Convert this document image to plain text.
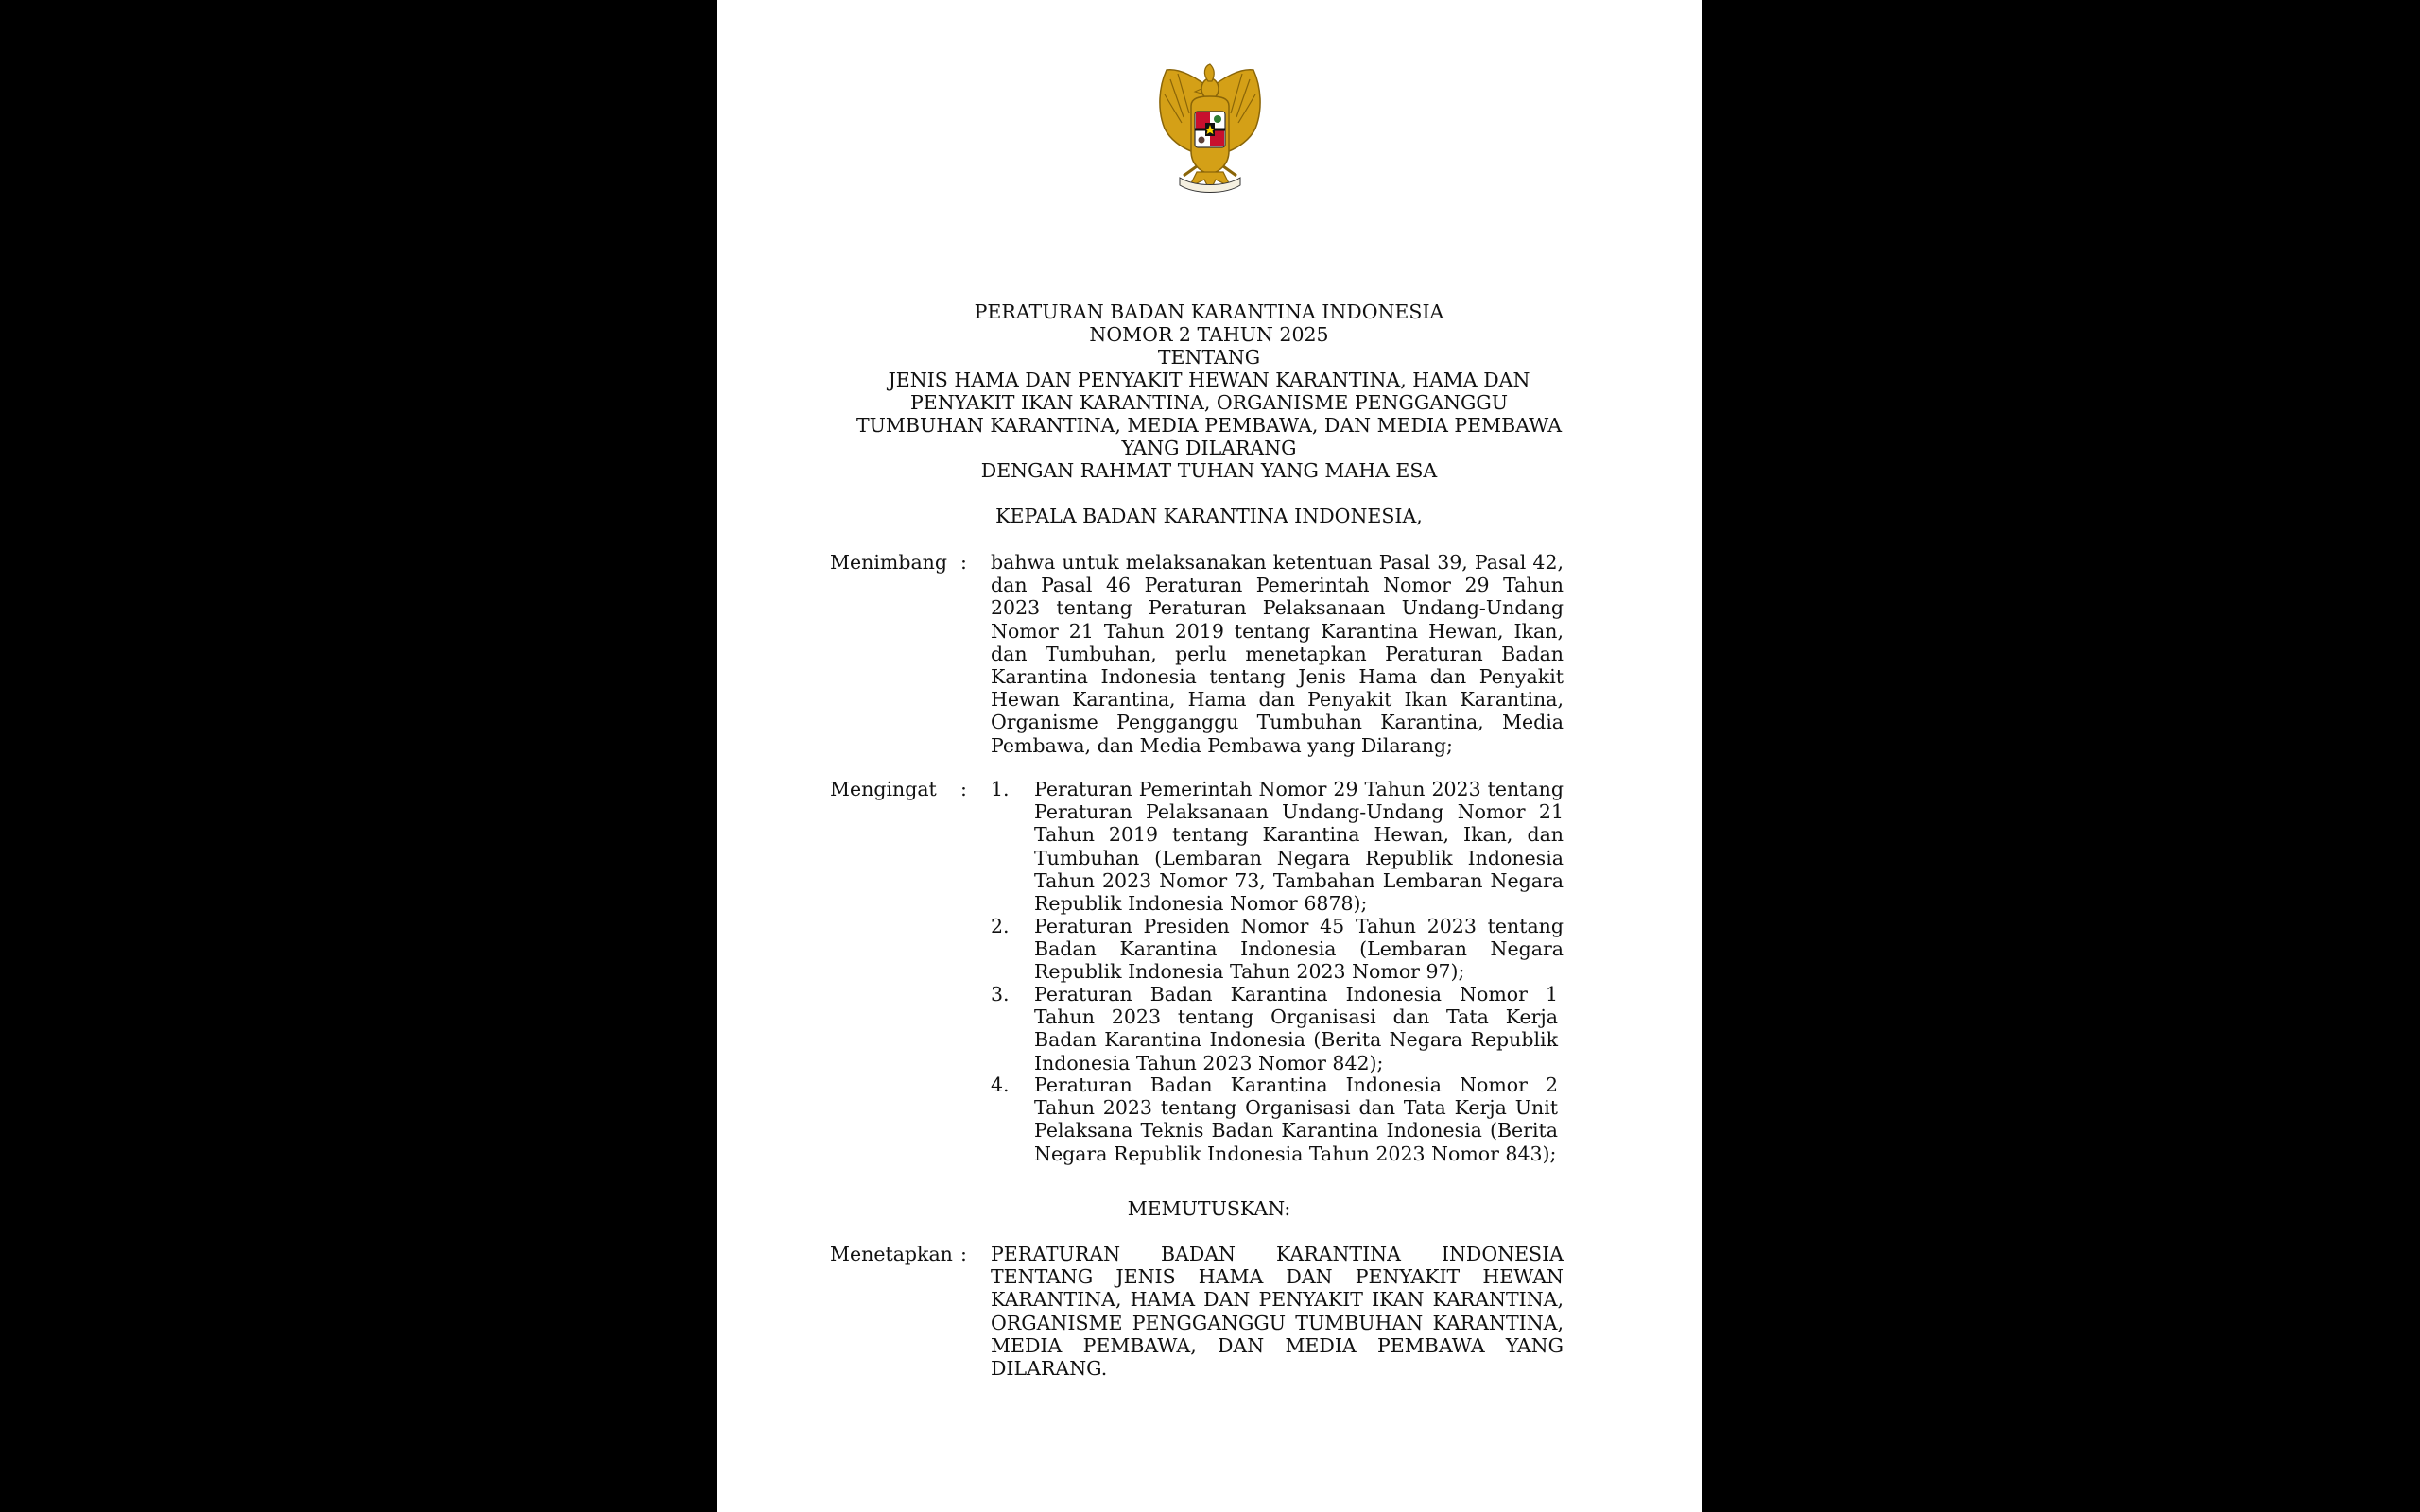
PERATURAN BADAN KARANTINA INDONESIA
NOMOR 2 TAHUN 2025
TENTANG
JENIS HAMA DAN PENYAKIT HEWAN KARANTINA, HAMA DAN PENYAKIT IKAN KARANTINA, ORGANISME PENGGANGGU TUMBUHAN KARANTINA, MEDIA PEMBAWA, DAN MEDIA PEMBAWA YANG DILARANG
DENGAN RAHMAT TUHAN YANG MAHA ESA
KEPALA BADAN KARANTINA INDONESIA,
Menimbang : bahwa untuk melaksanakan ketentuan Pasal 39, Pasal 42, dan Pasal 46 Peraturan Pemerintah Nomor 29 Tahun 2023 tentang Peraturan Pelaksanaan Undang-Undang Nomor 21 Tahun 2019 tentang Karantina Hewan, Ikan, dan Tumbuhan, perlu menetapkan Peraturan Badan Karantina Indonesia tentang Jenis Hama dan Penyakit Hewan Karantina, Hama dan Penyakit Ikan Karantina, Organisme Pengganggu Tumbuhan Karantina, Media Pembawa, dan Media Pembawa yang Dilarang;
Mengingat : 1. Peraturan Pemerintah Nomor 29 Tahun 2023 tentang Peraturan Pelaksanaan Undang-Undang Nomor 21 Tahun 2019 tentang Karantina Hewan, Ikan, dan Tumbuhan (Lembaran Negara Republik Indonesia Tahun 2023 Nomor 73, Tambahan Lembaran Negara Republik Indonesia Nomor 6878);
2. Peraturan Presiden Nomor 45 Tahun 2023 tentang Badan Karantina Indonesia (Lembaran Negara Republik Indonesia Tahun 2023 Nomor 97);
3. Peraturan Badan Karantina Indonesia Nomor 1 Tahun 2023 tentang Organisasi dan Tata Kerja Badan Karantina Indonesia (Berita Negara Republik Indonesia Tahun 2023 Nomor 842);
4. Peraturan Badan Karantina Indonesia Nomor 2 Tahun 2023 tentang Organisasi dan Tata Kerja Unit Pelaksana Teknis Badan Karantina Indonesia (Berita Negara Republik Indonesia Tahun 2023 Nomor 843);
MEMUTUSKAN:
Menetapkan : PERATURAN BADAN KARANTINA INDONESIA TENTANG JENIS HAMA DAN PENYAKIT HEWAN KARANTINA, HAMA DAN PENYAKIT IKAN KARANTINA, ORGANISME PENGGANGGU TUMBUHAN KARANTINA, MEDIA PEMBAWA, DAN MEDIA PEMBAWA YANG DILARANG.
